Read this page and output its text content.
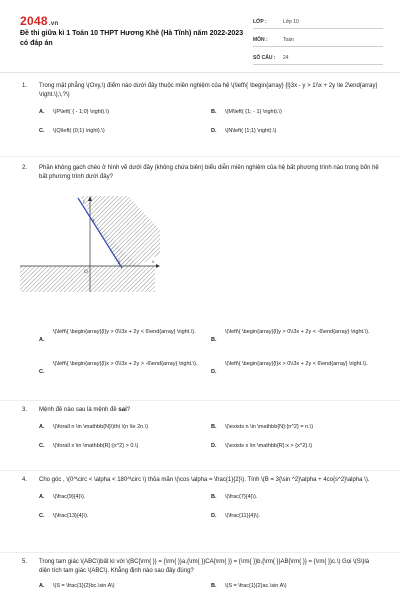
2048.vn
Đề thi giữa kì 1 Toán 10 THPT Hương Khê (Hà Tĩnh) năm 2022-2023 có đáp án
LỚP :	Lớp 10
MÔN :	Toán
SỐ CÂU :	24
1.	Trong mặt phẳng \(Oxy,\) điểm nào dưới đây thuộc miền nghiệm của hệ \(\left\{ \begin{array} {l}3x - y > 1\\x + 2y \le 2\end{array} \right.\),\,?\)
A. \(P\left( { - 1;0} \right).\)	B. \(M\left( {1; - 1} \right).\)
C. \(Q\left( {0;1} \right).\)	D. \(N\left( {1;1} \right).\)
2.	Phần không gạch chéo ở hình vẽ dưới đây (không chứa biên) biểu diễn miền nghiệm của hệ bất phương trình nào trong bốn hệ bất phương trình dưới đây?
y
3
2	x
O
A.
\(\left\{ \begin{array}{l}y > 0\\3x + 2y < 6\end{array} \right.\).
B.
\(\left\{ \begin{array}{l}y > 0\\3x + 2y < -6\end{array} \right.\).
C.
\(\left\{ \begin{array}{l}x > 0\\3x + 2y > -6\end{array} \right.\).
D.
\(\left\{ \begin{array}{l}x > 0\\3x + 2y < 6\end{array} \right.\).
3.	Mệnh đề nào sau là mệnh đề sai?
A. \(\forall n \in \mathbb{N}\)thì \(n \le 2n.\)	B. \(\exists n \in \mathbb{N}:{n^2} = n.\)
C. \(\forall x \in \mathbb{R}:{x^2} > 0.\)	D. \(\exists x \in \mathbb{R}:x > {x^2}.\)
4.	Cho góc , \(0^\circ < \alpha < 180^\circ \) thỏa mãn \(\cos \alpha = \frac{1}{2}\). Tính \(B = 3{\sin ^2}\alpha + 4co{s^2}\alpha \).
A. \(\frac{9}{4}\).	B. \(\frac{7}{4}\).
C. \(\frac{13}{4}\).	D. \(\frac{11}{4}\).
5.	Trong tam giác \(ABC\)bất kì với \(BC{\rm{ }} = {\rm{ }}a,{\rm{ }}CA{\rm{ }} = {\rm{ }}b,{\rm{ }}AB{\rm{ }} = {\rm{ }}c.\) Gọi \(S\)là diện tích tam giác \(ABC\). Khẳng định nào sau đây đúng?
A. \(S = \frac{1}{2}bc.\sin A\)	B. \(S = \frac{1}{2}ac.\sin A\)
